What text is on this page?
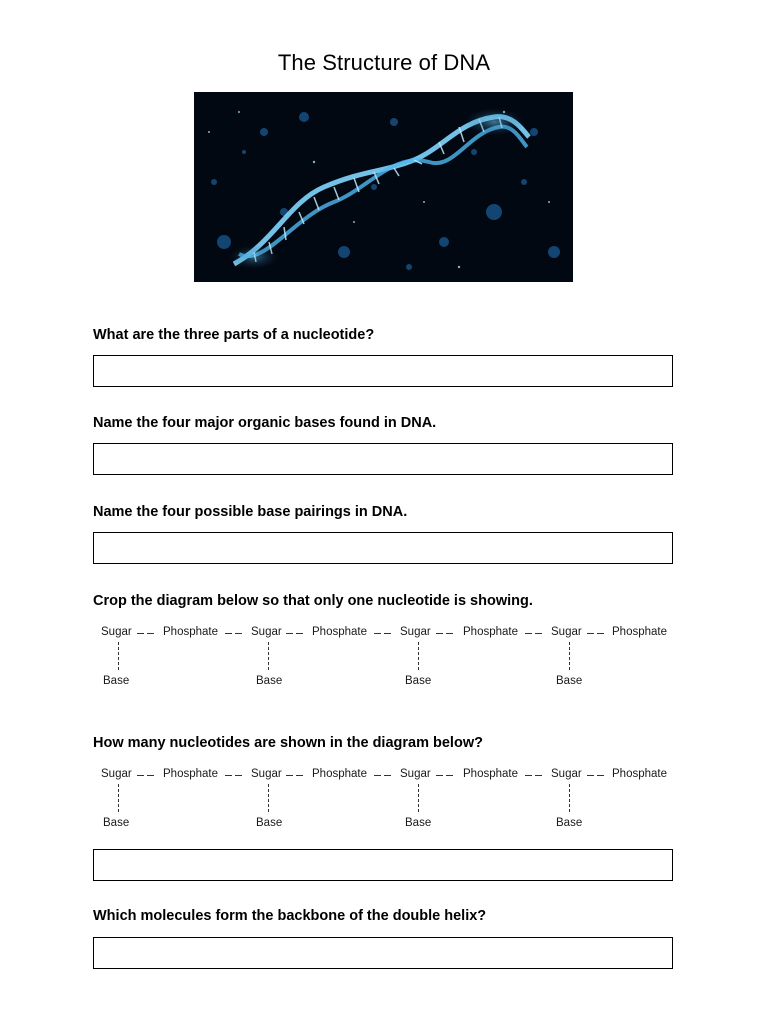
The Structure of DNA
What are the three parts of a nucleotide?
Name the four major organic bases found in DNA.
Name the four possible base pairings in DNA.
Crop the diagram below so that only one nucleotide is showing.
Sugar	Phosphate	Sugar	Phosphate	Sugar	Phosphate	Sugar	Phosphate
Base	Base	Base	Base
How many nucleotides are shown in the diagram below?
Sugar	Phosphate	Sugar	Phosphate	Sugar	Phosphate	Sugar	Phosphate
Base	Base	Base	Base
Which molecules form the backbone of the double helix?
